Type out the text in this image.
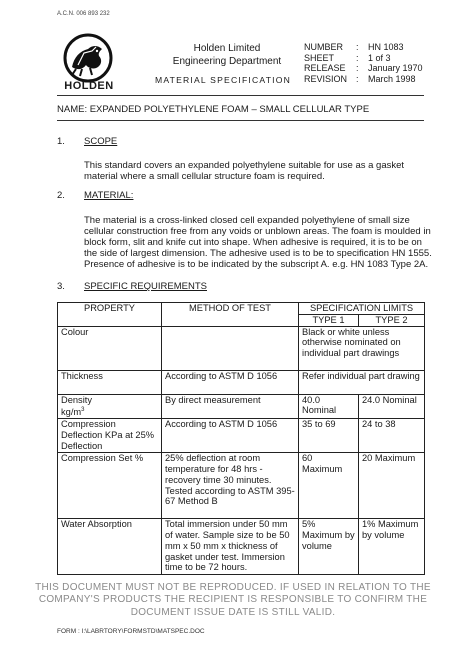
A.C.N. 006 893 232
HOLDEN
Holden Limited
Engineering Department
MATERIAL SPECIFICATION
NUMBER	:	HN 1083
SHEET	:	1 of 3
RELEASE	:	January 1970
REVISION :	March 1998
NAME: EXPANDED POLYETHYLENE FOAM – SMALL CELLULAR TYPE
1. SCOPE
This standard covers an expanded polyethylene suitable for use as a gasket material where a small cellular structure foam is required.
2. MATERIAL:
The material is a cross-linked closed cell expanded polyethylene of small size cellular construction free from any voids or unblown areas. The foam is moulded in block form, slit and knife cut into shape. When adhesive is required, it is to be on the side of largest dimension. The adhesive used is to be to specification HN 1555. Presence of adhesive is to be indicated by the subscript A. e.g. HN 1083 Type 2A.
3. SPECIFIC REQUIREMENTS
PROPERTY	METHOD OF TEST	SPECIFICATION LIMITS	
		TYPE 1	TYPE 2
Colour		Black or white unless otherwise nominated on individual part drawings	
Thickness	According to ASTM D 1056	Refer individual part drawing	

Density
$kg/m^3$	By direct measurement	40.0 Nominal	24.0 Nominal
Compression Deflection KPa at 25% Deflection	According to ASTM D 1056	35 to 69	24 to 38
Compression Set %	25% deflection at room temperature for 48 hrs - recovery time 30 minutes. Tested according to ASTM 395-67 Method B	60 Maximum	20 Maximum
Water Absorption	Total immersion under 50 mm of water. Sample size to be 50 mm x 50 mm x thickness of gasket under test. Immersion time to be 72 hours.	5% Maximum by volume	1% Maximum by volume
THIS DOCUMENT MUST NOT BE REPRODUCED. IF USED IN RELATION TO THE COMPANY'S PRODUCTS THE RECIPIENT IS RESPONSIBLE TO CONFIRM THE DOCUMENT ISSUE DATE IS STILL VALID.
FORM : I:\LABRTORY\FORMSTD\MATSPEC.DOC
